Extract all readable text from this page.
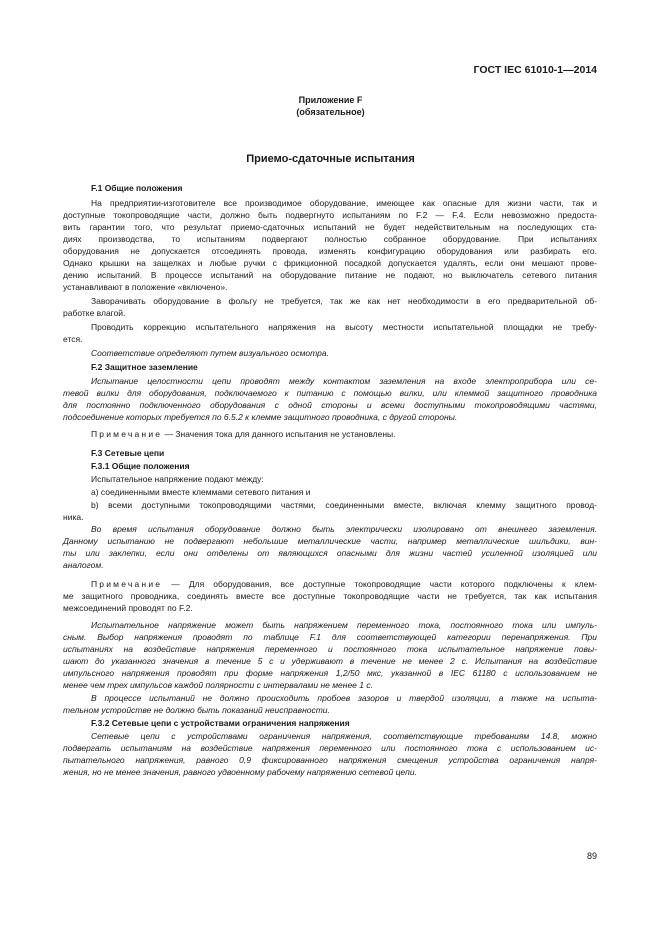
ГОСТ IEC 61010-1—2014
Приложение F
(обязательное)
Приемо-сдаточные испытания
F.1 Общие положения
На предприятии-изготовителе все производимое оборудование, имеющее как опасные для жизни части, так и
доступные токопроводящие части, должно быть подвергнуто испытаниям по F.2 — F.4. Если невозможно предоста-
вить гарантии того, что результат приемо-сдаточных испытаний не будет недействительным на последующих ста-
диях производства, то испытаниям подвергают полностью собранное оборудование. При испытаниях
оборудования не допускается отсоединять провода, изменять конфигурацию оборудования или разбирать его.
Однако крышки на защелках и любые ручки с фрикционной посадкой допускается удалять, если они мешают прове-
дению испытаний. В процессе испытаний на оборудование питание не подают, но выключатель сетевого питания
устанавливают в положение «включено».
Заворачивать оборудование в фольгу не требуется, так же как нет необходимости в его предварительной об-
работке влагой.
Проводить коррекцию испытательного напряжения на высоту местности испытательной площадки не требу-
ется.
Соответствие определяют путем визуального осмотра.
F.2 Защитное заземление
Испытание целостности цепи проводят между контактом заземления на входе электроприбора или се-
тевой вилки для оборудования, подключаемого к питанию с помощью вилки, или клеммой защитного проводника
для постоянно подключенного оборудования с одной стороны и всеми доступными токопроводящими частями,
подсоединение которых требуется по 6.5.2 к клемме защитного проводника, с другой стороны.
Примечание — Значения тока для данного испытания не установлены.
F.3 Сетевые цепи
F.3.1 Общие положения
Испытательное напряжение подают между:
a) соединенными вместе клеммами сетевого питания и
b) всеми доступными токопроводящими частями, соединенными вместе, включая клемму защитного провод-
ника.
Во время испытания оборудование должно быть электрически изолировано от внешнего заземления.
Данному испытанию не подвергают небольшие металлические части, например металлические шильдики, вин-
ты или заклепки, если они отделены от являющихся опасными для жизни частей усиленной изоляцией или
аналогом.
Примечание — Для оборудования, все доступные токопроводящие части которого подключены к клем-
ме защитного проводника, соединять вместе все доступные токопроводящие части не требуется, так как испытания
межсоединений проводят по F.2.
Испытательное напряжение может быть напряжением переменного тока, постоянного тока или импуль-
сным. Выбор напряжения проводят по таблице F.1 для соответствующей категории перенапряжения. При
испытаниях на воздействие напряжения переменного и постоянного тока испытательное напряжение повы-
шают до указанного значения в течение 5 с и удерживают в течение не менее 2 с. Испытания на воздействие
импульсного напряжения проводят при форме напряжения 1,2/50 мкс, указанной в IEC 61180 с использованием не
менее чем трех импульсов каждой полярности с интервалами не менее 1 с.
В процессе испытаний не должно происходить пробоев зазоров и твердой изоляции, а также на испыта-
тельном устройстве не должно быть показаний неисправности.
F.3.2 Сетевые цепи с устройствами ограничения напряжения
Сетевые цепи с устройствами ограничения напряжения, соответствующие требованиям 14.8, можно
подвергать испытаниям на воздействие напряжения переменного или постоянного тока с использованием ис-
пытательного напряжения, равного 0,9 фиксированного напряжения смещения устройства ограничения напря-
жения, но не менее значения, равного удвоенному рабочему напряжению сетевой цепи.
89
